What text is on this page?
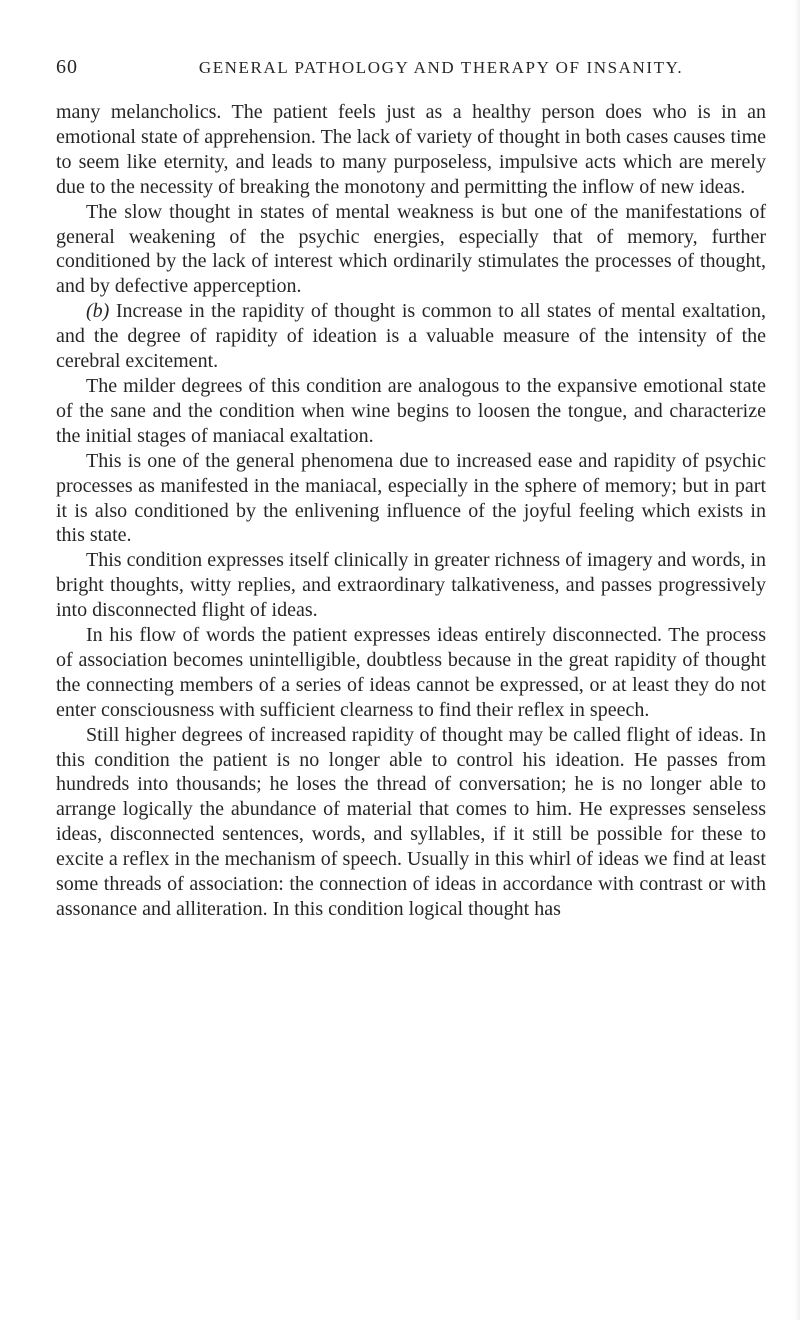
60	GENERAL PATHOLOGY AND THERAPY OF INSANITY.

many melancholics. The patient feels just as a healthy person does who is in an emotional state of apprehension. The lack of variety of thought in both cases causes time to seem like eternity, and leads to many purposeless, impulsive acts which are merely due to the necessity of breaking the monotony and permitting the inflow of new ideas.

The slow thought in states of mental weakness is but one of the manifestations of general weakening of the psychic energies, especially that of memory, further conditioned by the lack of interest which ordinarily stimulates the processes of thought, and by defective apperception.

(b) Increase in the rapidity of thought is common to all states of mental exaltation, and the degree of rapidity of ideation is a valuable measure of the intensity of the cerebral excitement.

The milder degrees of this condition are analogous to the expansive emotional state of the sane and the condition when wine begins to loosen the tongue, and characterize the initial stages of maniacal exaltation.

This is one of the general phenomena due to increased ease and rapidity of psychic processes as manifested in the maniacal, especially in the sphere of memory; but in part it is also conditioned by the enlivening influence of the joyful feeling which exists in this state.

This condition expresses itself clinically in greater richness of imagery and words, in bright thoughts, witty replies, and extraordinary talkativeness, and passes progressively into disconnected flight of ideas.

In his flow of words the patient expresses ideas entirely disconnected. The process of association becomes unintelligible, doubtless because in the great rapidity of thought the connecting members of a series of ideas cannot be expressed, or at least they do not enter consciousness with sufficient clearness to find their reflex in speech.

Still higher degrees of increased rapidity of thought may be called flight of ideas. In this condition the patient is no longer able to control his ideation. He passes from hundreds into thousands; he loses the thread of conversation; he is no longer able to arrange logically the abundance of material that comes to him. He expresses senseless ideas, disconnected sentences, words, and syllables, if it still be possible for these to excite a reflex in the mechanism of speech. Usually in this whirl of ideas we find at least some threads of association: the connection of ideas in accordance with contrast or with assonance and alliteration. In this condition logical thought has
